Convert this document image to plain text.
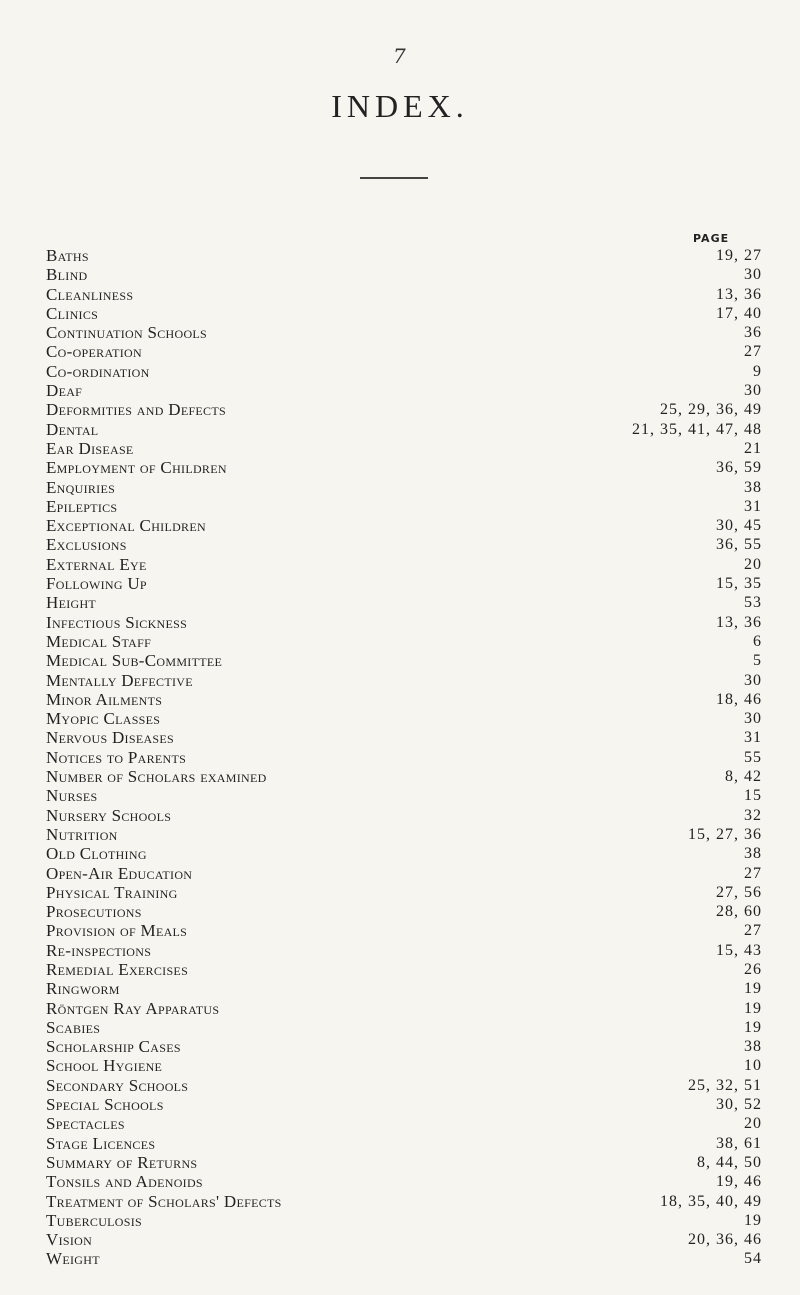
7
INDEX.
PAGE
Baths	19, 27
Blind	30
Cleanliness	13, 36
Clinics	17, 40
Continuation Schools	36
Co-operation	27
Co-ordination	9
Deaf	30
Deformities and Defects	25, 29, 36, 49
Dental	21, 35, 41, 47, 48
Ear Disease	21
Employment of Children	36, 59
Enquiries	38
Epileptics	31
Exceptional Children	30, 45
Exclusions	36, 55
External Eye	20
Following Up	15, 35
Height	53
Infectious Sickness	13, 36
Medical Staff	6
Medical Sub-Committee	5
Mentally Defective	30
Minor Ailments	18, 46
Myopic Classes	30
Nervous Diseases	31
Notices to Parents	55
Number of Scholars examined	8, 42
Nurses	15
Nursery Schools	32
Nutrition	15, 27, 36
Old Clothing	38
Open-Air Education	27
Physical Training	27, 56
Prosecutions	28, 60
Provision of Meals	27
Re-inspections	15, 43
Remedial Exercises	26
Ringworm	19
Röntgen Ray Apparatus	19
Scabies	19
Scholarship Cases	38
School Hygiene	10
Secondary Schools	25, 32, 51
Special Schools	30, 52
Spectacles	20
Stage Licences	38, 61
Summary of Returns	8, 44, 50
Tonsils and Adenoids	19, 46
Treatment of Scholars' Defects	18, 35, 40, 49
Tuberculosis	19
Vision	20, 36, 46
Weight	54
